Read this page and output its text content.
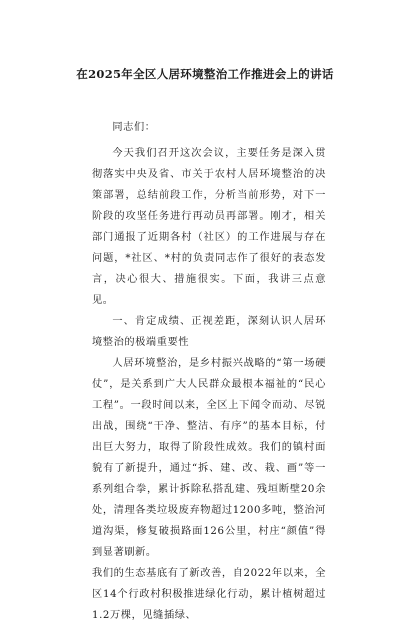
在2025年全区人居环境整治工作推进会上的讲话

同志们：

今天我们召开这次会议，主要任务是深入贯彻落实中央及省、市关于农村人居环境整治的决策部署，总结前段工作，分析当前形势，对下一阶段的攻坚任务进行再动员再部署。刚才，相关部门通报了近期各村（社区）的工作进展与存在问题，*社区、*村的负责同志作了很好的表态发言，决心很大、措施很实。下面，我讲三点意见。

一、肯定成绩、正视差距，深刻认识人居环境整治的极端重要性

人居环境整治，是乡村振兴战略的“第一场硬仗”，是关系到广大人民群众最根本福祉的“民心工程”。一段时间以来，全区上下闻令而动、尽锐出战，围绕“干净、整洁、有序”的基本目标，付出巨大努力，取得了阶段性成效。我们的镇村面貌有了新提升，通过“拆、建、改、栽、画”等一系列组合拳，累计拆除私搭乱建、残垣断壁20余处，清理各类垃圾废弃物超过1200多吨，整治河道沟渠，修复破损路面126公里，村庄“颜值”得到显著刷新。

我们的生态基底有了新改善，自2022年以来，全区14个行政村积极推进绿化行动，累计植树超过1.2万棵，见缝插绿、
